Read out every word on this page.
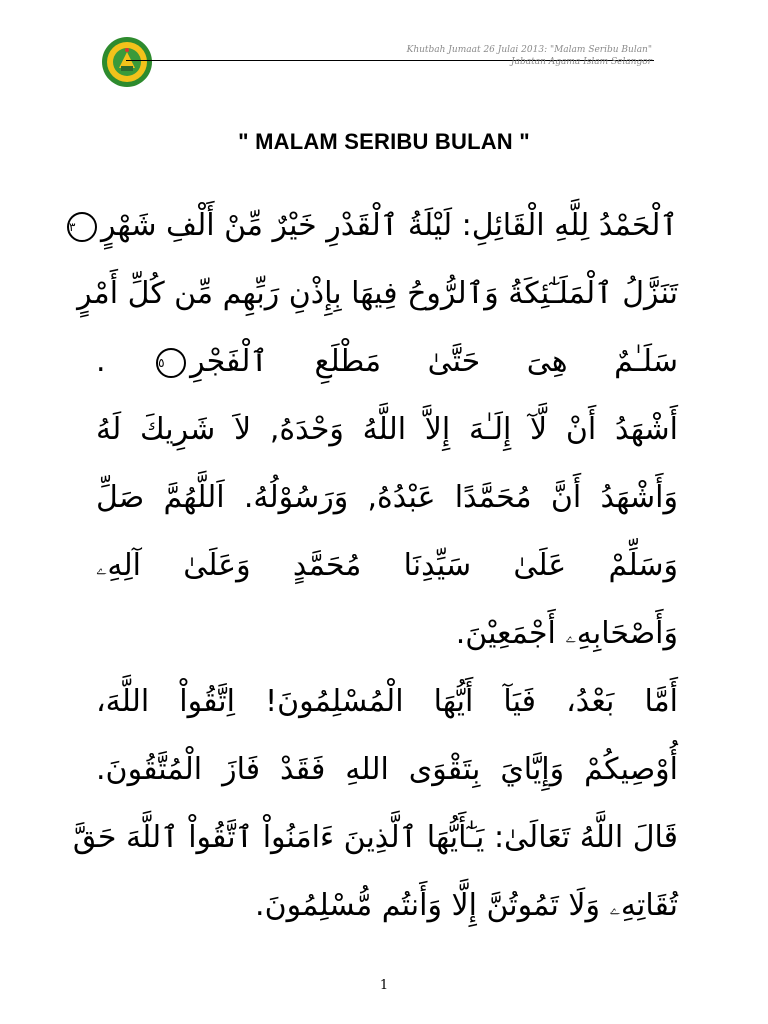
Khutbah Jumaat 26 Julai 2013: "Malam Seribu Bulan"
Jabatan Agama Islam Selangor
" MALAM SERIBU BULAN "
ٱلْحَمْدُ لِلَّهِ الْقَائِلِ: لَيْلَةُ ٱلْقَدْرِ خَيْرٌ مِّنْ أَلْفِ شَهْرٍ٣
تَنَزَّلُ ٱلْمَلَـٰٓئِكَةُ وَٱلرُّوحُ فِيهَا بِإِذْنِ رَبِّهِم مِّن كُلِّ أَمْرٍ
سَلَـٰمٌ هِىَ حَتَّىٰ مَطْلَعِ ٱلْفَجْرِ٥ .
أَشْهَدُ أَنْ لَّآ إِلَـٰهَ إِلاَّ اللَّهُ وَحْدَهُ, لاَ شَرِيكَ لَهُ
وَأَشْهَدُ أَنَّ مُحَمَّدًا عَبْدُهُ, وَرَسُوْلُهُ. اَللَّهُمَّ صَلِّ
وَسَلِّمْ عَلَىٰ سَيِّدِنَا مُحَمَّدٍ وَعَلَىٰ آلِهِۦ
وَأَصْحَابِهِۦ أَجْمَعِيْنَ.
أَمَّا بَعْدُ، فَيَآ أَيُّهَا الْمُسْلِمُونَ! اِتَّقُواْ اللَّهَ،
أُوْصِيكُمْ وَإِيَّايَ بِتَقْوَى اللهِ فَقَدْ فَازَ الْمُتَّقُونَ.
قَالَ اللَّهُ تَعَالَىٰ: يَـٰٓأَيُّهَا ٱلَّذِينَ ءَامَنُواْ ٱتَّقُواْ ٱللَّهَ حَقَّ
تُقَاتِهِۦ وَلَا تَمُوتُنَّ إِلَّا وَأَنتُم مُّسْلِمُونَ.
1
